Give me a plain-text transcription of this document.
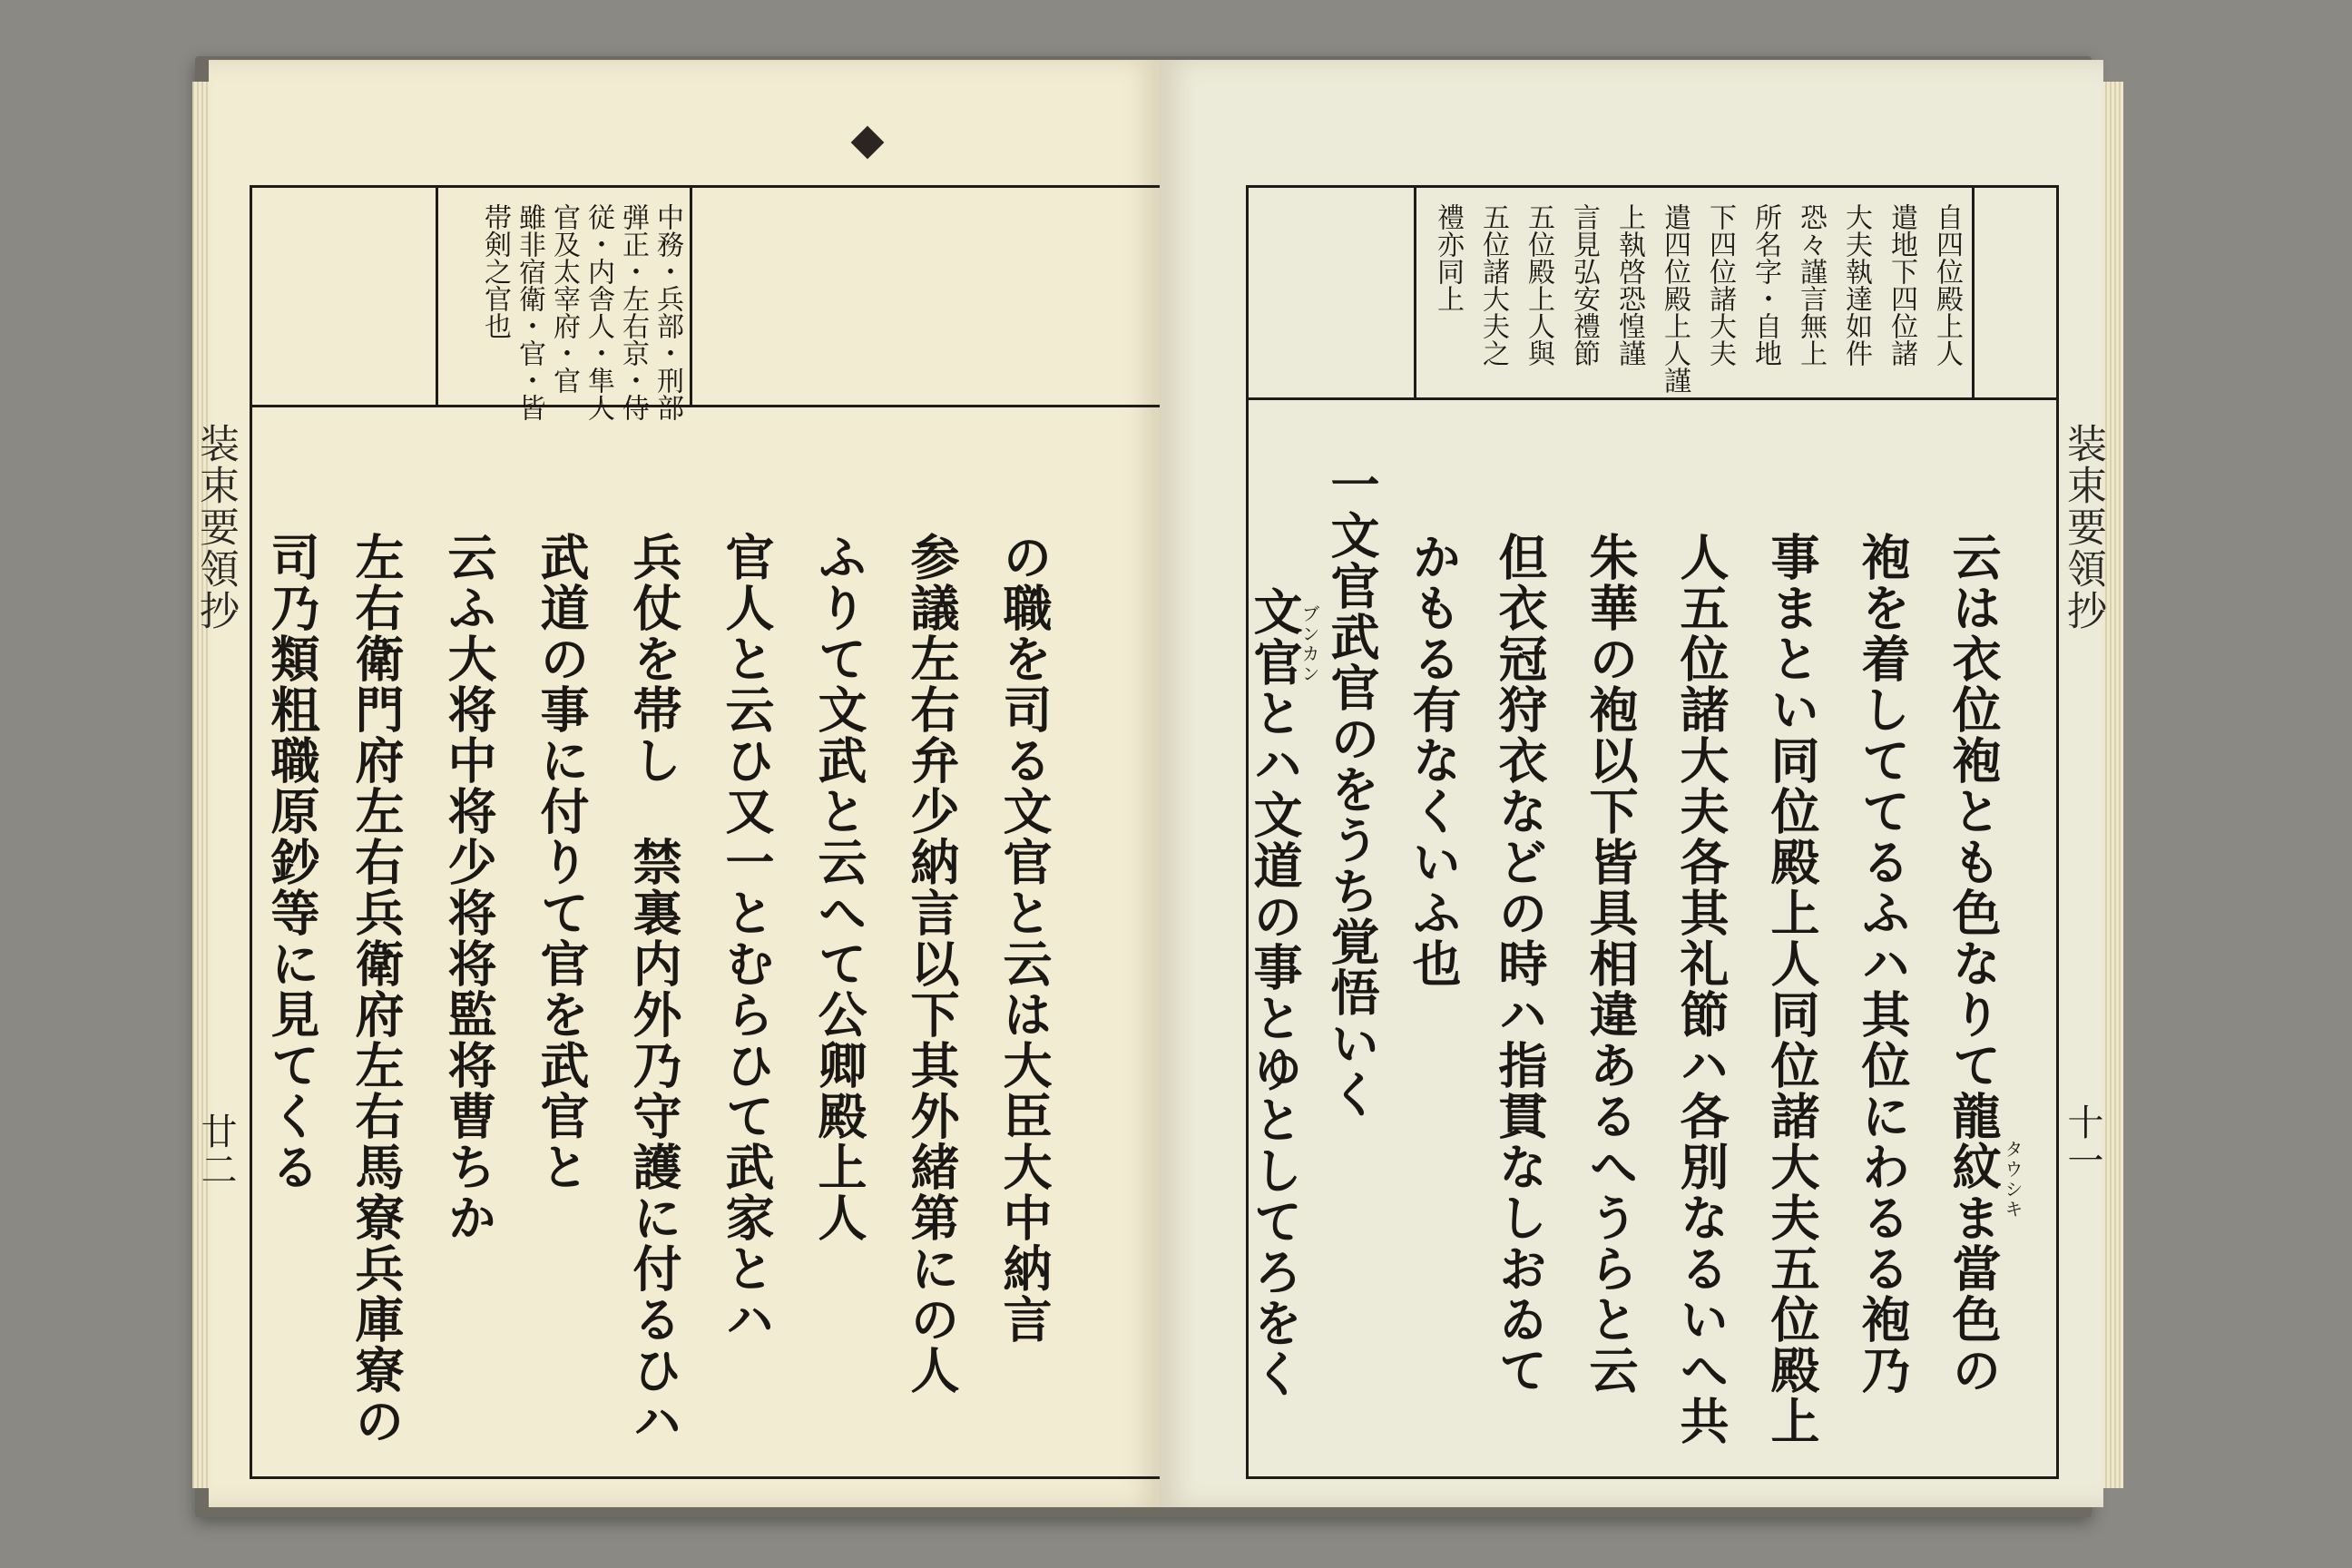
装束要領抄
廿二
中務・兵部・刑部
弾正・左右京・侍
従・内舎人・隼人
官及太宰府・官
雖非宿衛・官・皆
帯剣之官也
の職を司る文官と云は大臣大中納言
参議左右弁少納言以下其外緒第にの人
ふりて文武と云へて公卿殿上人
官人と云ひ又一とむらひて武家とハ
兵仗を帯し　禁裏内外乃守護に付るひハ
武道の事に付りて官を武官と
云ふ大将中将少将将監将曹ちか
左右衛門府左右兵衛府左右馬寮兵庫寮の
司乃類粗職原鈔等に見てくる
装束要領抄
十一
自四位殿上人
遣地下四位諸
大夫執達如件
恐々謹言無上
所名字・自地
下四位諸大夫
遣四位殿上人謹
上執啓恐惶謹
言見弘安禮節
五位殿上人與
五位諸大夫之
禮亦同上
云は衣位袍とも色なりて龍紋ま當色の タウシキ
袍を着しててるふハ其位にわるる袍乃
事まとい同位殿上人同位諸大夫五位殿上
人五位諸大夫各其礼節ハ各別なるいへ共
朱華の袍以下皆具相違あるへうらと云
但衣冠狩衣などの時ハ指貫なしおゐて
かもる有なくいふ也
一文官武官のをうち覚悟いく
ブンカン
文官とハ文道の事とゆとしてろをく
